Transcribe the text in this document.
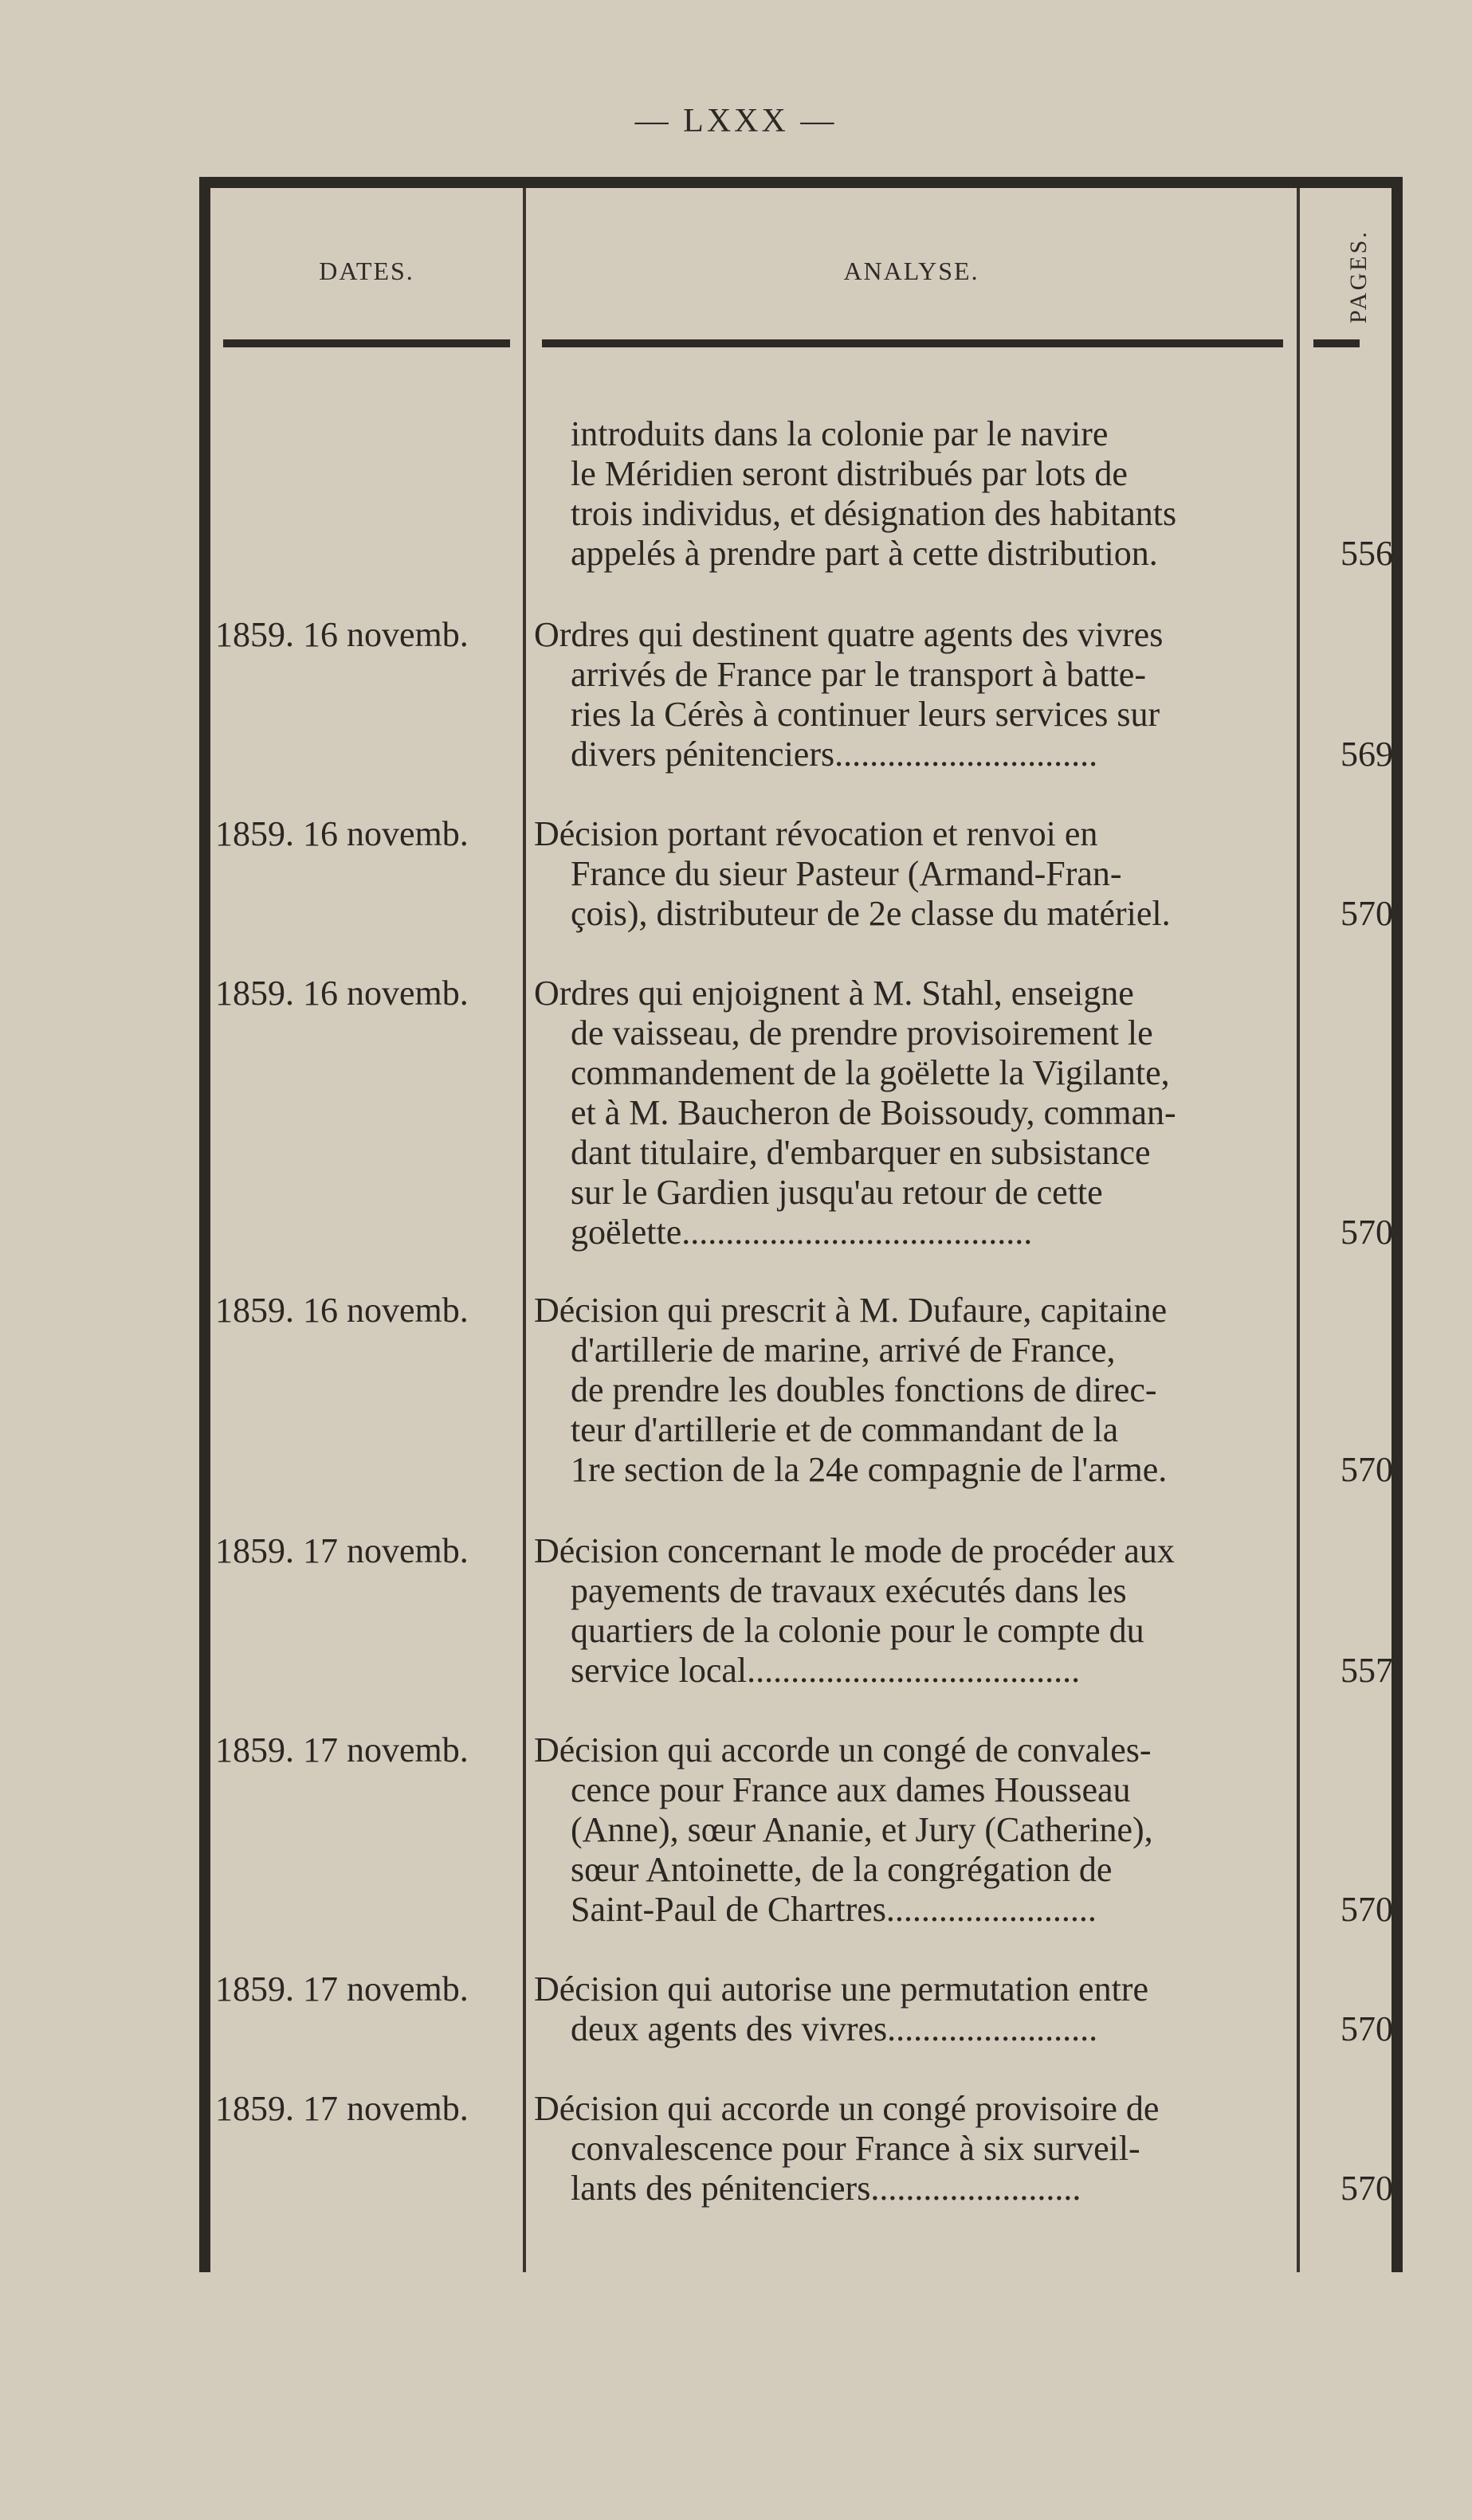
— LXXX —
DATES.	ANALYSE.	PAGES.
introduits dans la colonie par le navire
le Méridien seront distribués par lots de
trois individus, et désignation des habitants
appelés à prendre part à cette distribution.	556
1859. 16 novemb.	Ordres qui destinent quatre agents des vivres
arrivés de France par le transport à batte-
ries la Cérès à continuer leurs services sur
divers pénitenciers..............................	569
1859. 16 novemb.	Décision portant révocation et renvoi en
France du sieur Pasteur (Armand-Fran-
çois), distributeur de 2e classe du matériel.	570
1859. 16 novemb.	Ordres qui enjoignent à M. Stahl, enseigne
de vaisseau, de prendre provisoirement le
commandement de la goëlette la Vigilante,
et à M. Baucheron de Boissoudy, comman-
dant titulaire, d'embarquer en subsistance
sur le Gardien jusqu'au retour de cette
goëlette........................................	570
1859. 16 novemb.	Décision qui prescrit à M. Dufaure, capitaine
d'artillerie de marine, arrivé de France,
de prendre les doubles fonctions de direc-
teur d'artillerie et de commandant de la
1re section de la 24e compagnie de l'arme.	570
1859. 17 novemb.	Décision concernant le mode de procéder aux
payements de travaux exécutés dans les
quartiers de la colonie pour le compte du
service local......................................	557
1859. 17 novemb.	Décision qui accorde un congé de convales-
cence pour France aux dames Housseau
(Anne), sœur Ananie, et Jury (Catherine),
sœur Antoinette, de la congrégation de
Saint-Paul de Chartres........................	570
1859. 17 novemb.	Décision qui autorise une permutation entre
deux agents des vivres........................	570
1859. 17 novemb.	Décision qui accorde un congé provisoire de
convalescence pour France à six surveil-
lants des pénitenciers........................	570
